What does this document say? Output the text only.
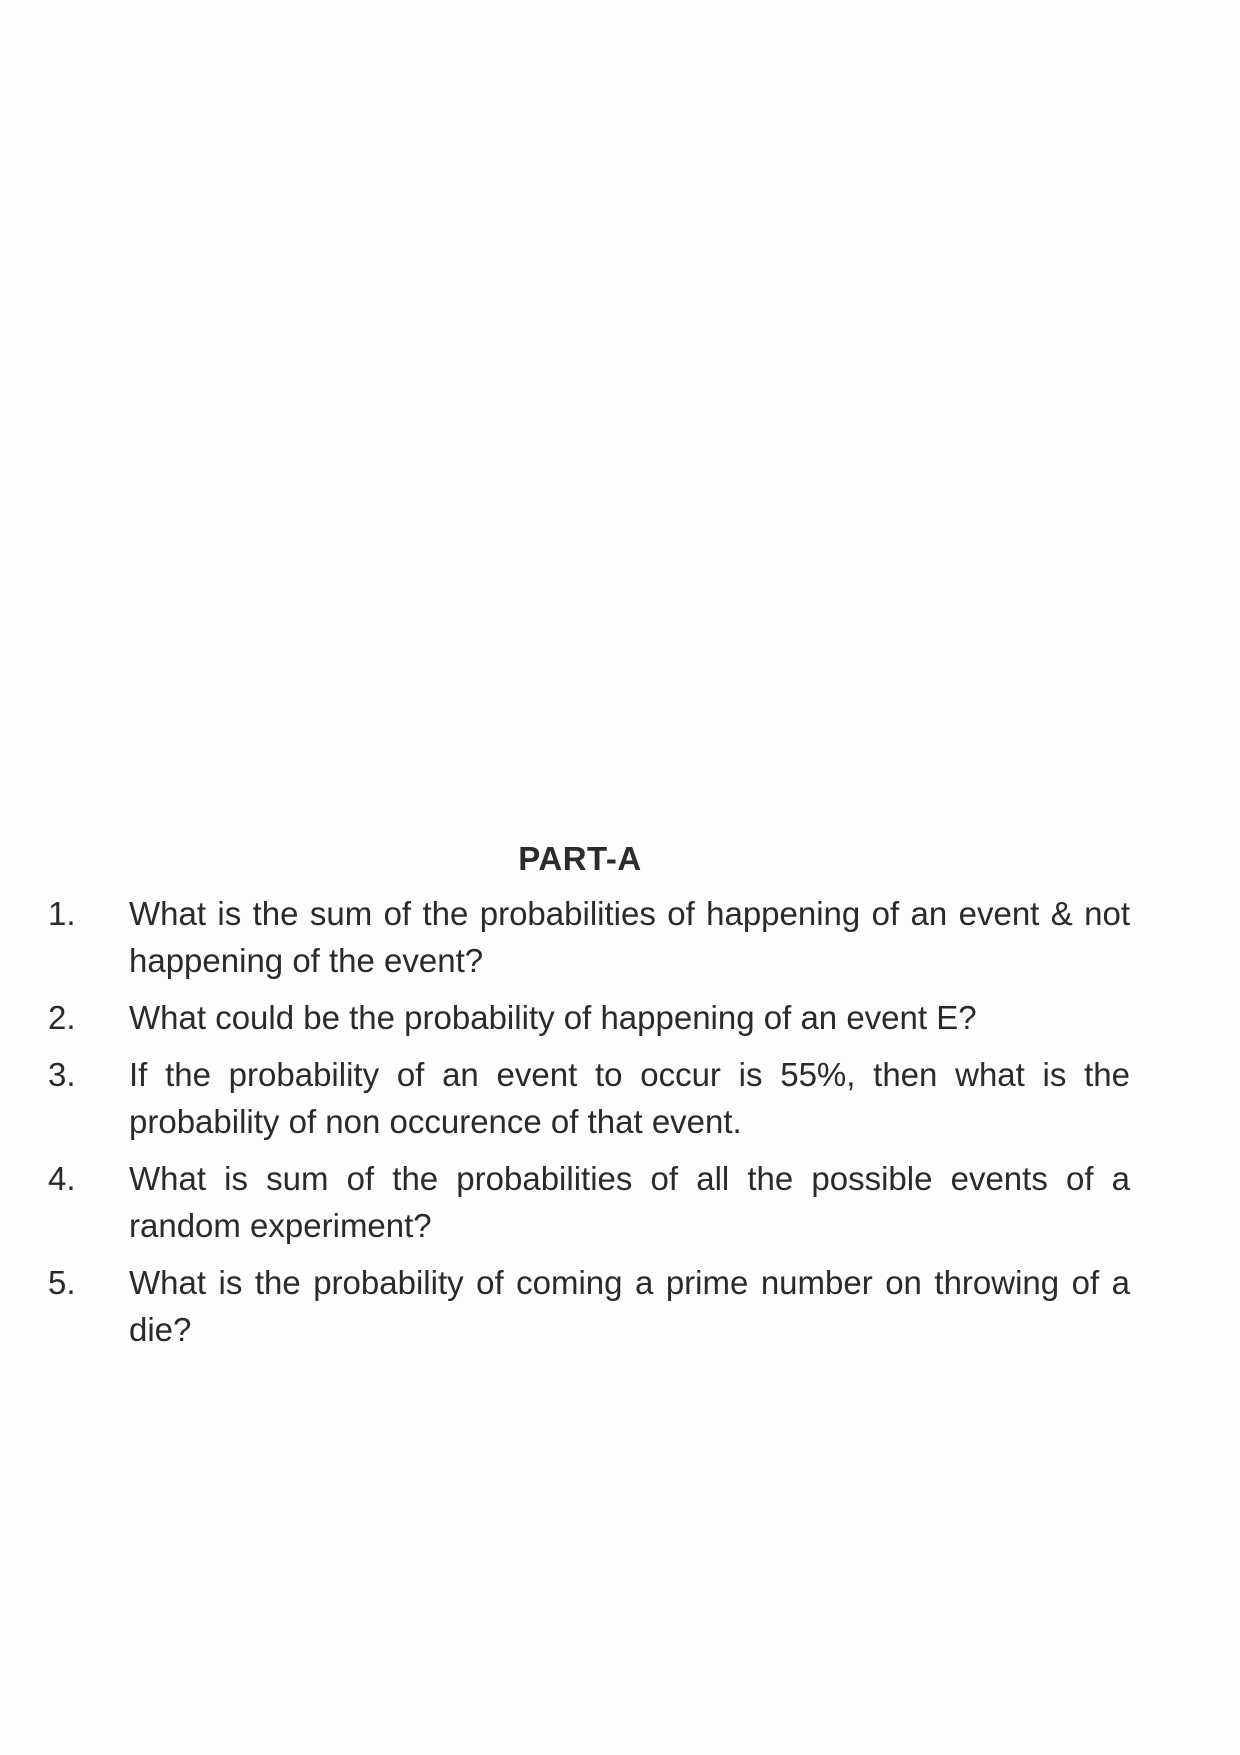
PART-A
1.	What is the sum of the probabilities of happening of an event & not happening of the event?
2.	What could be the probability of happening of an event E?
3.	If the probability of an event to occur is 55%, then what is the probability of non occurence of that event.
4.	What is sum of the probabilities of all the possible events of a random experiment?
5.	What is the probability of coming a prime number on throwing of a die?
